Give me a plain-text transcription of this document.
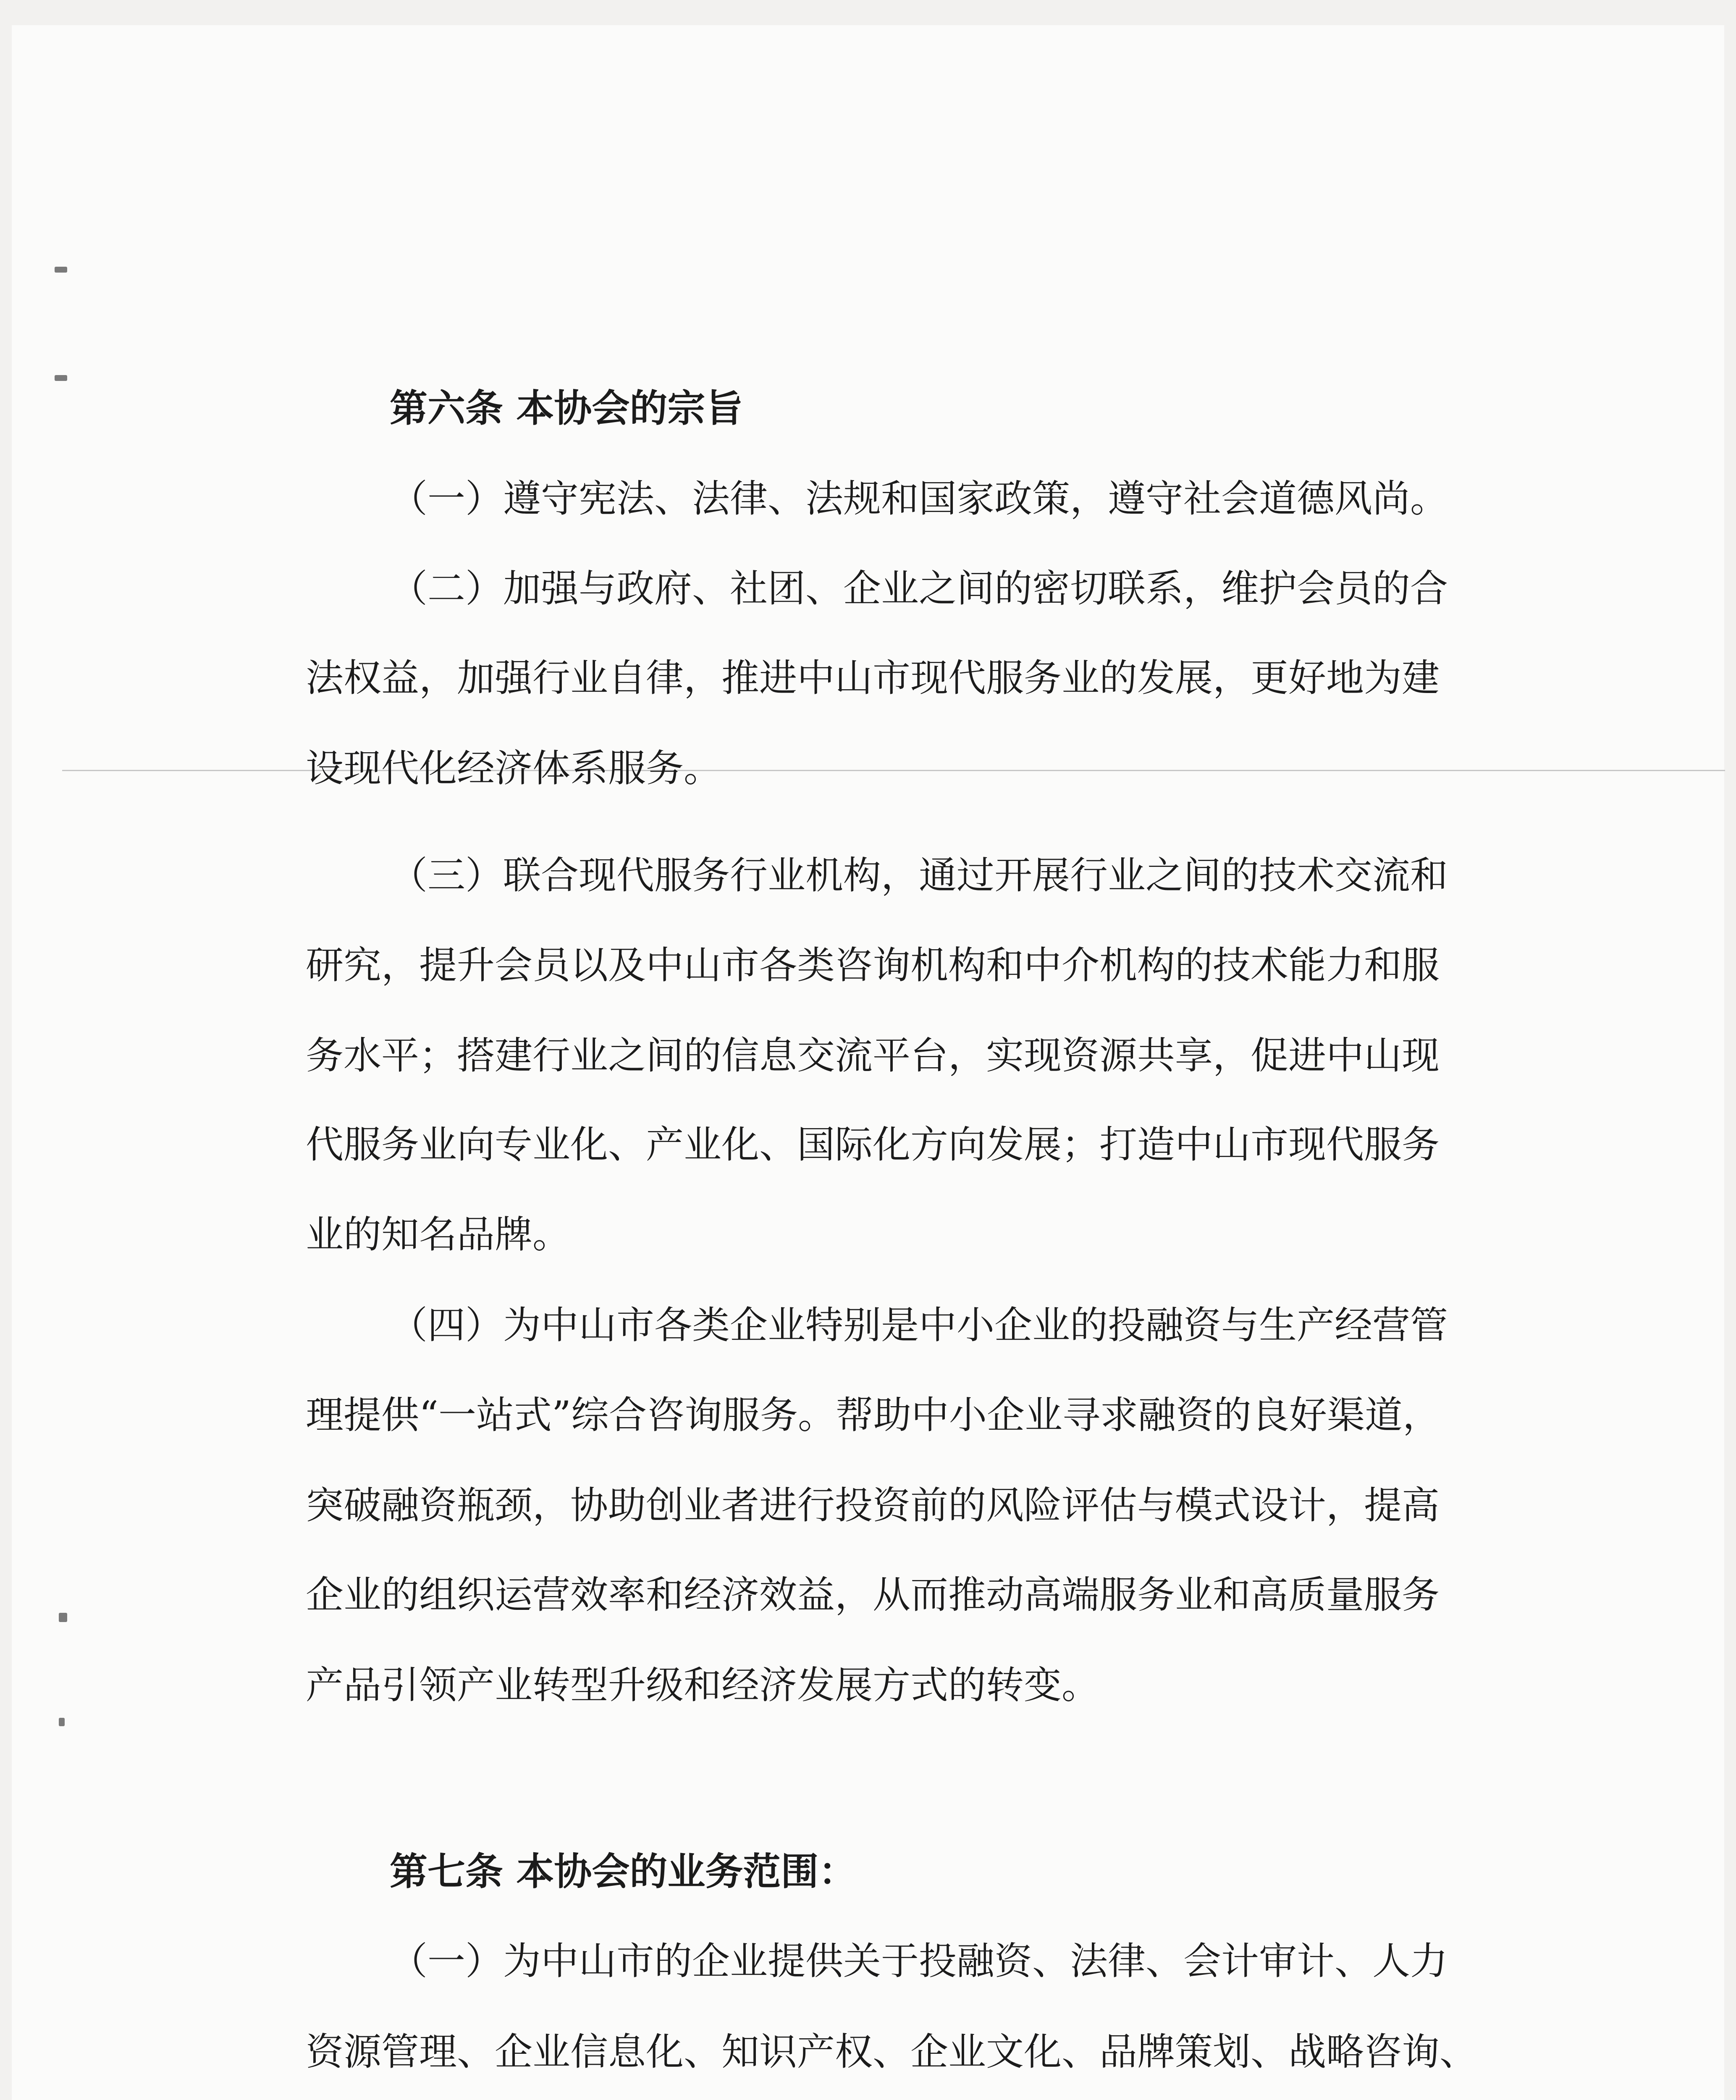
第六条 本协会的宗旨
（一）遵守宪法、法律、法规和国家政策，遵守社会道德风尚。
（二）加强与政府、社团、企业之间的密切联系，维护会员的合
法权益，加强行业自律，推进中山市现代服务业的发展，更好地为建
设现代化经济体系服务。
（三）联合现代服务行业机构，通过开展行业之间的技术交流和
研究，提升会员以及中山市各类咨询机构和中介机构的技术能力和服
务水平；搭建行业之间的信息交流平台，实现资源共享，促进中山现
代服务业向专业化、产业化、国际化方向发展；打造中山市现代服务
业的知名品牌。
（四）为中山市各类企业特别是中小企业的投融资与生产经营管
理提供“一站式”综合咨询服务。帮助中小企业寻求融资的良好渠道，
突破融资瓶颈，协助创业者进行投资前的风险评估与模式设计，提高
企业的组织运营效率和经济效益，从而推动高端服务业和高质量服务
产品引领产业转型升级和经济发展方式的转变。
第七条 本协会的业务范围：
（一）为中山市的企业提供关于投融资、法律、会计审计、人力
资源管理、企业信息化、知识产权、企业文化、品牌策划、战略咨询、
